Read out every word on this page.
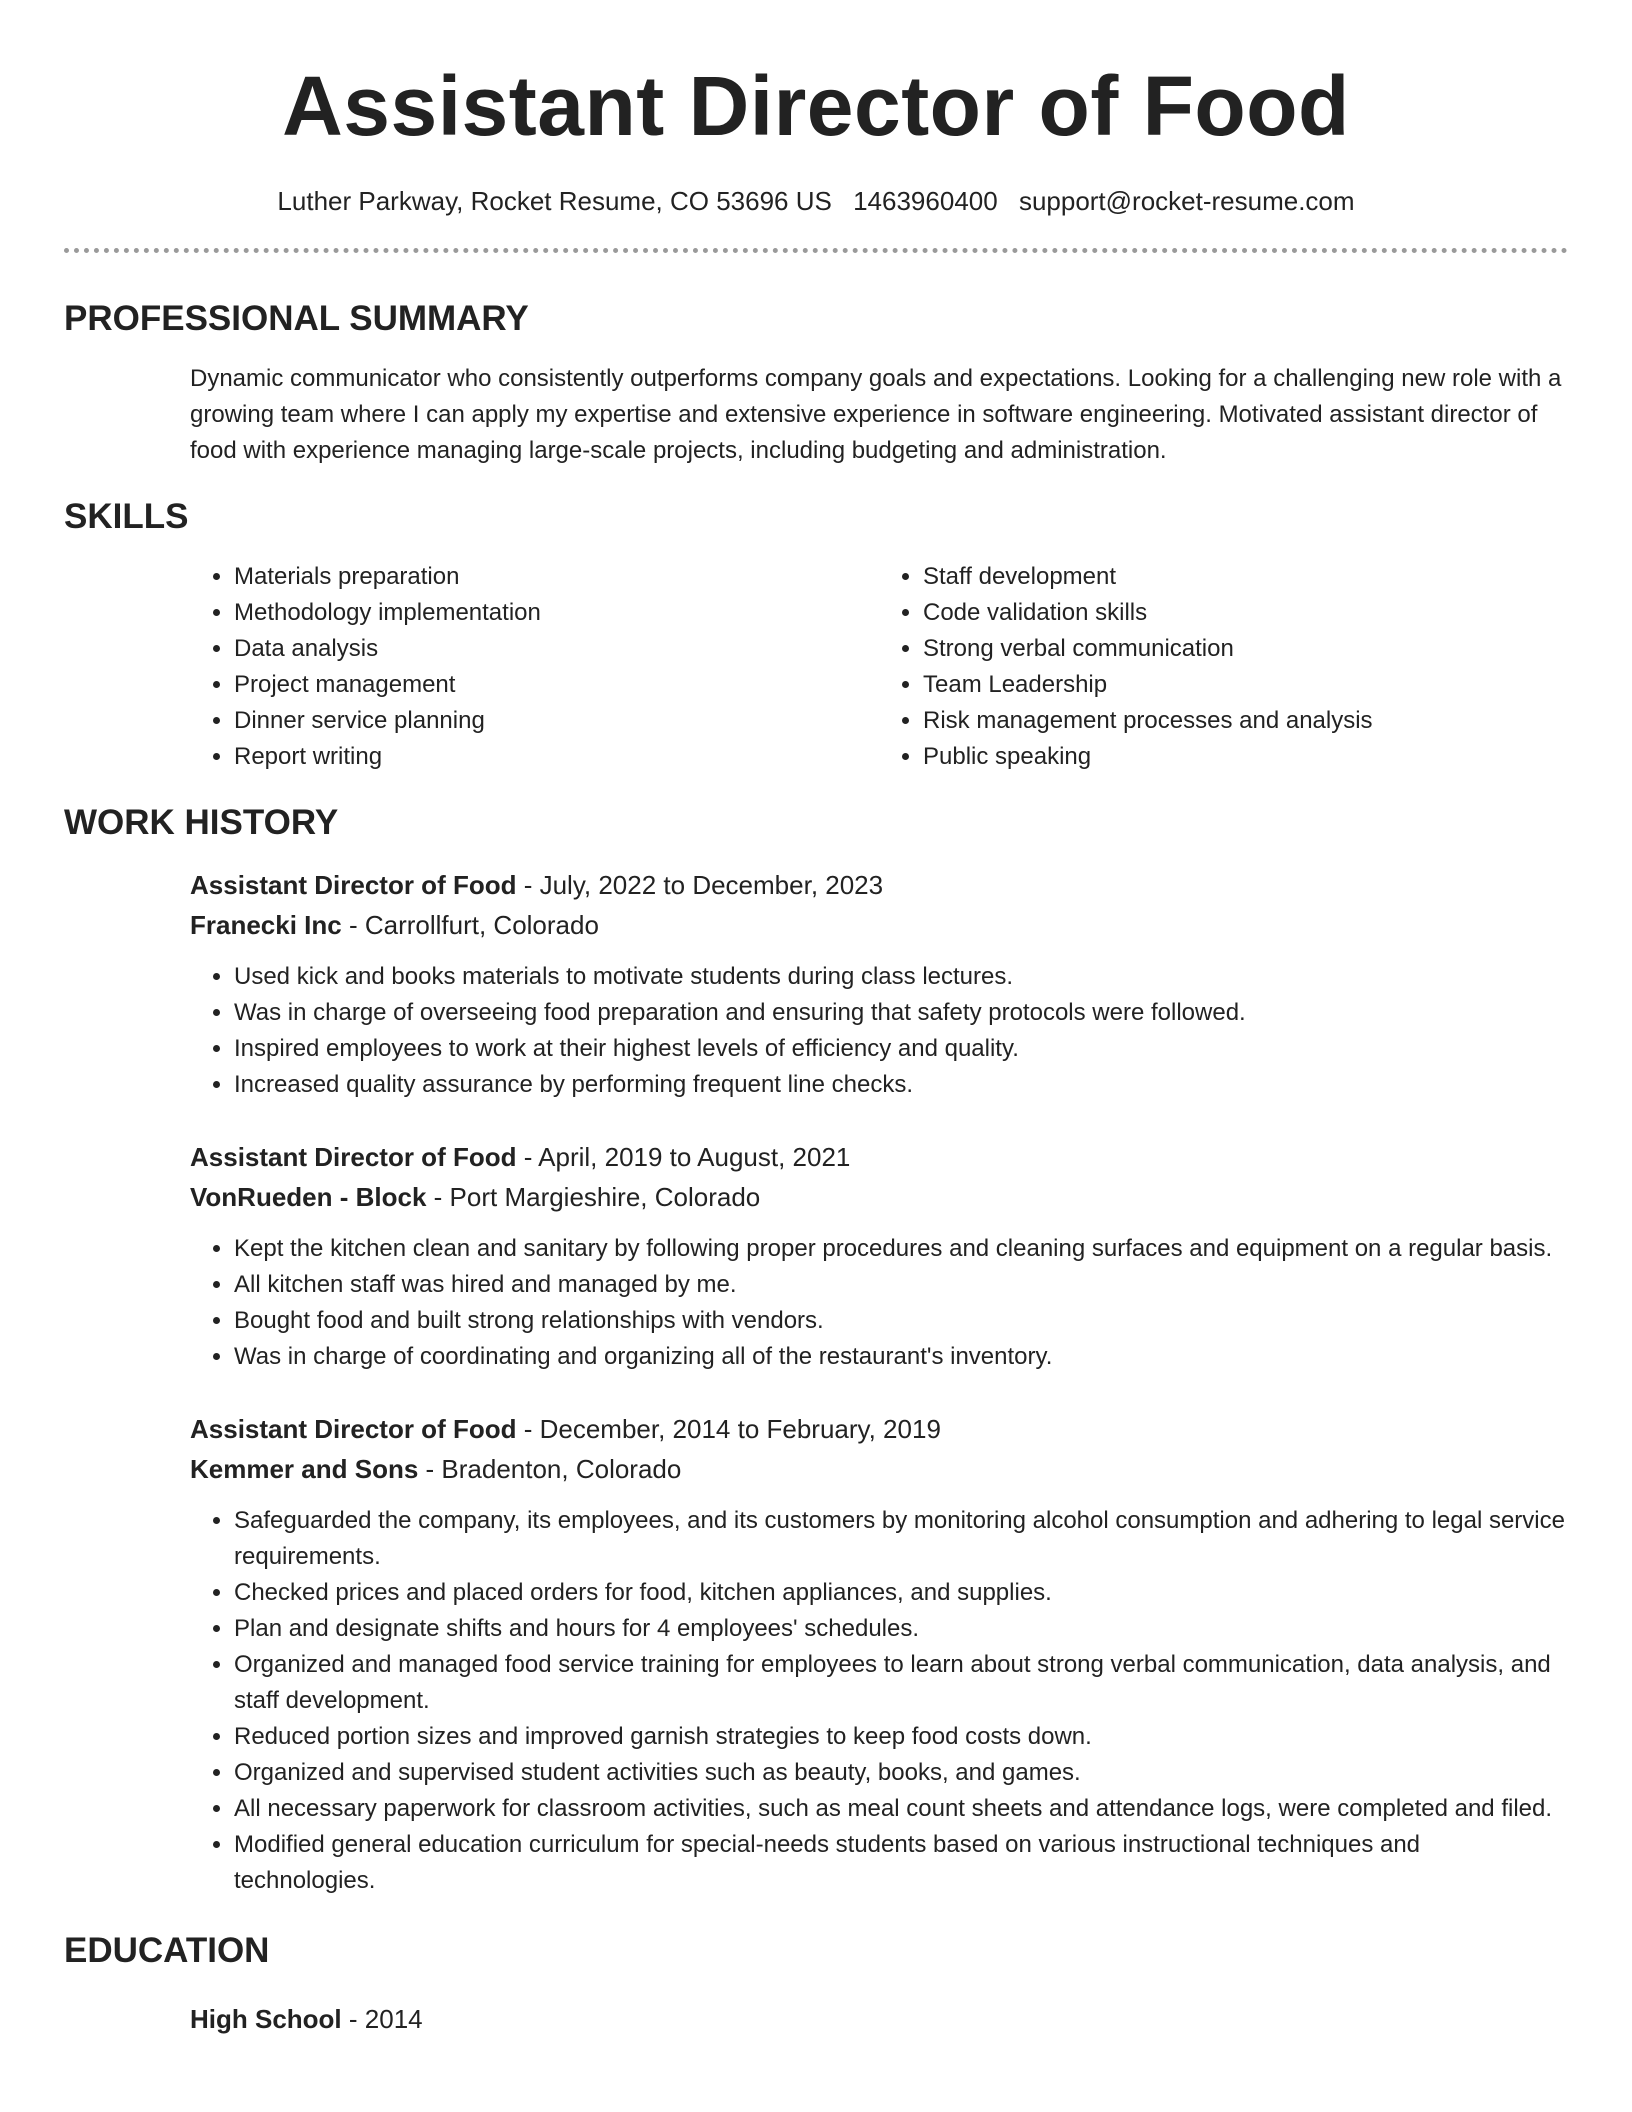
Assistant Director of Food
Luther Parkway, Rocket Resume, CO 53696 US 1463960400 support@rocket-resume.com
PROFESSIONAL SUMMARY
Dynamic communicator who consistently outperforms company goals and expectations. Looking for a challenging new role with a growing team where I can apply my expertise and extensive experience in software engineering. Motivated assistant director of food with experience managing large-scale projects, including budgeting and administration.
SKILLS
• Materials preparation
• Methodology implementation
• Data analysis
• Project management
• Dinner service planning
• Report writing
• Staff development
• Code validation skills
• Strong verbal communication
• Team Leadership
• Risk management processes and analysis
• Public speaking
WORK HISTORY
Assistant Director of Food - July, 2022 to December, 2023
Franecki Inc - Carrollfurt, Colorado
• Used kick and books materials to motivate students during class lectures.
• Was in charge of overseeing food preparation and ensuring that safety protocols were followed.
• Inspired employees to work at their highest levels of efficiency and quality.
• Increased quality assurance by performing frequent line checks.
Assistant Director of Food - April, 2019 to August, 2021
VonRueden - Block - Port Margieshire, Colorado
• Kept the kitchen clean and sanitary by following proper procedures and cleaning surfaces and equipment on a regular basis.
• All kitchen staff was hired and managed by me.
• Bought food and built strong relationships with vendors.
• Was in charge of coordinating and organizing all of the restaurant's inventory.
Assistant Director of Food - December, 2014 to February, 2019
Kemmer and Sons - Bradenton, Colorado
• Safeguarded the company, its employees, and its customers by monitoring alcohol consumption and adhering to legal service requirements.
• Checked prices and placed orders for food, kitchen appliances, and supplies.
• Plan and designate shifts and hours for 4 employees' schedules.
• Organized and managed food service training for employees to learn about strong verbal communication, data analysis, and staff development.
• Reduced portion sizes and improved garnish strategies to keep food costs down.
• Organized and supervised student activities such as beauty, books, and games.
• All necessary paperwork for classroom activities, such as meal count sheets and attendance logs, were completed and filed.
• Modified general education curriculum for special-needs students based on various instructional techniques and technologies.
EDUCATION
High School - 2014
